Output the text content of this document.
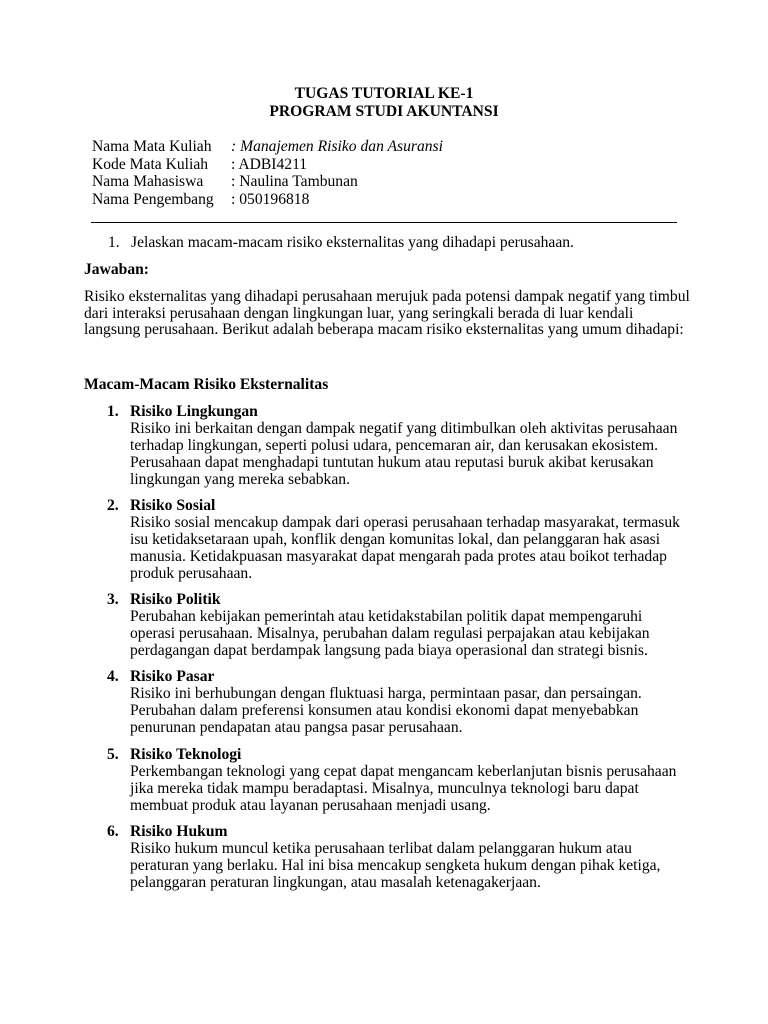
TUGAS TUTORIAL KE-1
PROGRAM STUDI AKUNTANSI
Nama Mata Kuliah	: Manajemen Risiko dan Asuransi
Kode Mata Kuliah	: ADBI4211
Nama Mahasiswa	: Naulina Tambunan
Nama Pengembang	: 050196818
1. Jelaskan macam-macam risiko eksternalitas yang dihadapi perusahaan.
Jawaban:
Risiko eksternalitas yang dihadapi perusahaan merujuk pada potensi dampak negatif yang timbul
dari interaksi perusahaan dengan lingkungan luar, yang seringkali berada di luar kendali
langsung perusahaan. Berikut adalah beberapa macam risiko eksternalitas yang umum dihadapi:
Macam-Macam Risiko Eksternalitas
1. Risiko Lingkungan
Risiko ini berkaitan dengan dampak negatif yang ditimbulkan oleh aktivitas perusahaan
terhadap lingkungan, seperti polusi udara, pencemaran air, dan kerusakan ekosistem.
Perusahaan dapat menghadapi tuntutan hukum atau reputasi buruk akibat kerusakan
lingkungan yang mereka sebabkan.
2. Risiko Sosial
Risiko sosial mencakup dampak dari operasi perusahaan terhadap masyarakat, termasuk
isu ketidaksetaraan upah, konflik dengan komunitas lokal, dan pelanggaran hak asasi
manusia. Ketidakpuasan masyarakat dapat mengarah pada protes atau boikot terhadap
produk perusahaan.
3. Risiko Politik
Perubahan kebijakan pemerintah atau ketidakstabilan politik dapat mempengaruhi
operasi perusahaan. Misalnya, perubahan dalam regulasi perpajakan atau kebijakan
perdagangan dapat berdampak langsung pada biaya operasional dan strategi bisnis.
4. Risiko Pasar
Risiko ini berhubungan dengan fluktuasi harga, permintaan pasar, dan persaingan.
Perubahan dalam preferensi konsumen atau kondisi ekonomi dapat menyebabkan
penurunan pendapatan atau pangsa pasar perusahaan.
5. Risiko Teknologi
Perkembangan teknologi yang cepat dapat mengancam keberlanjutan bisnis perusahaan
jika mereka tidak mampu beradaptasi. Misalnya, munculnya teknologi baru dapat
membuat produk atau layanan perusahaan menjadi usang.
6. Risiko Hukum
Risiko hukum muncul ketika perusahaan terlibat dalam pelanggaran hukum atau
peraturan yang berlaku. Hal ini bisa mencakup sengketa hukum dengan pihak ketiga,
pelanggaran peraturan lingkungan, atau masalah ketenagakerjaan.
